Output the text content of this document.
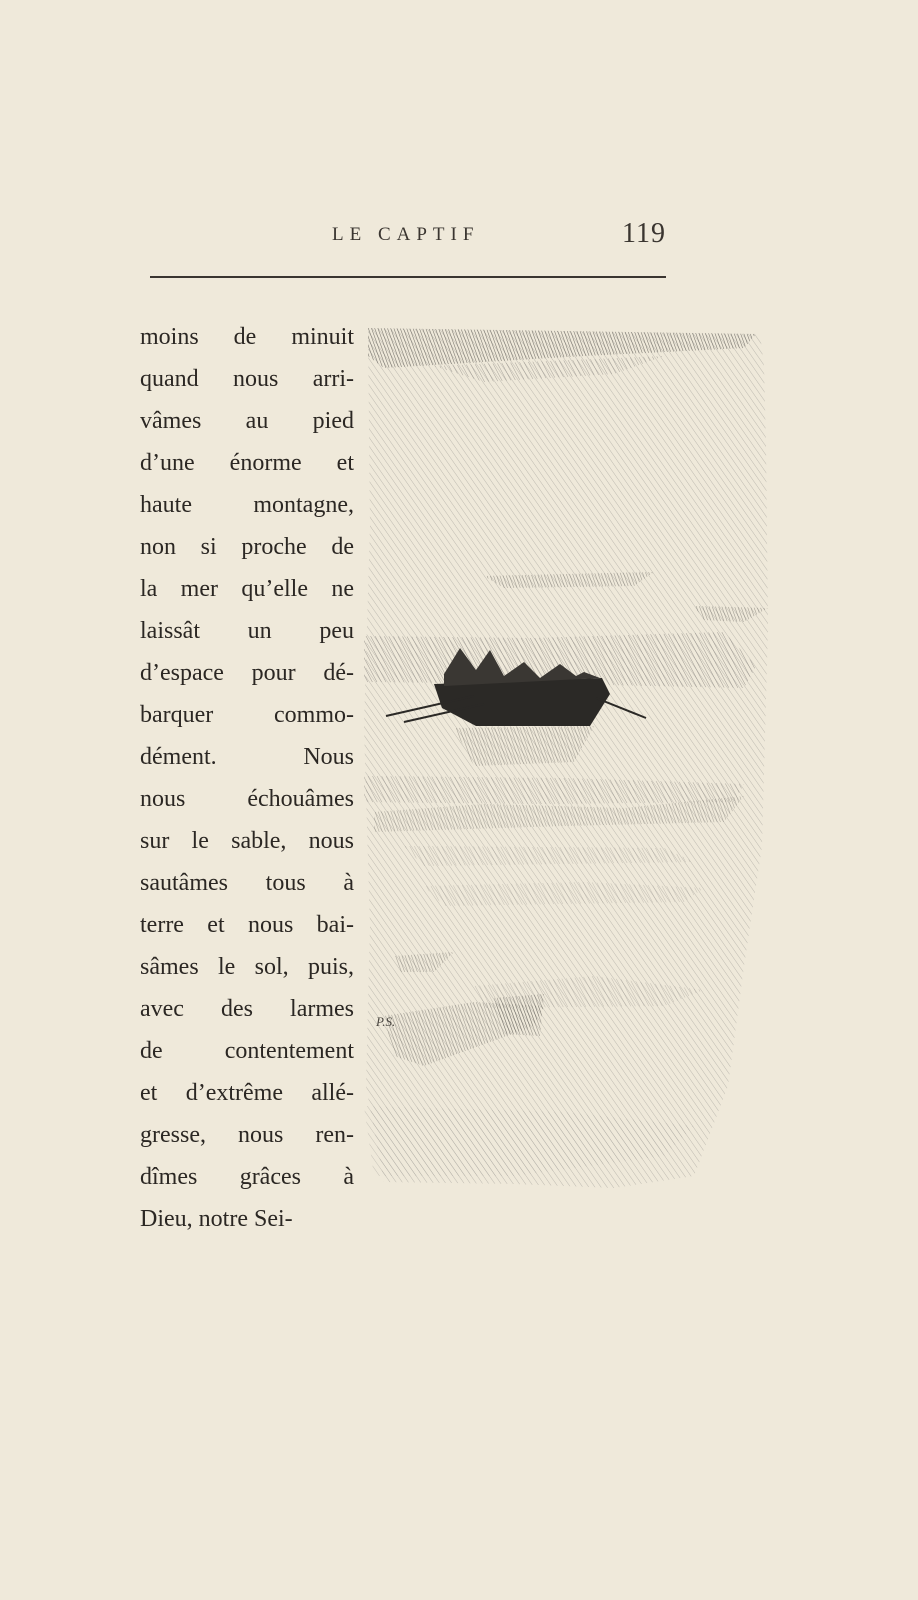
LE CAPTIF	119
moins de minuit
quand nous arri-
vâmes au pied
d’une énorme et
haute montagne,
non si proche de
la mer qu’elle ne
laissât un peu
d’espace pour dé-
barquer commo-
dément. Nous
nous échouâmes
sur le sable, nous
sautâmes tous à
terre et nous bai-
sâmes le sol, puis,
avec des larmes
de contentement
et d’extrême allé-
gresse, nous ren-
dîmes grâces à
Dieu, notre Sei-
P.S.
